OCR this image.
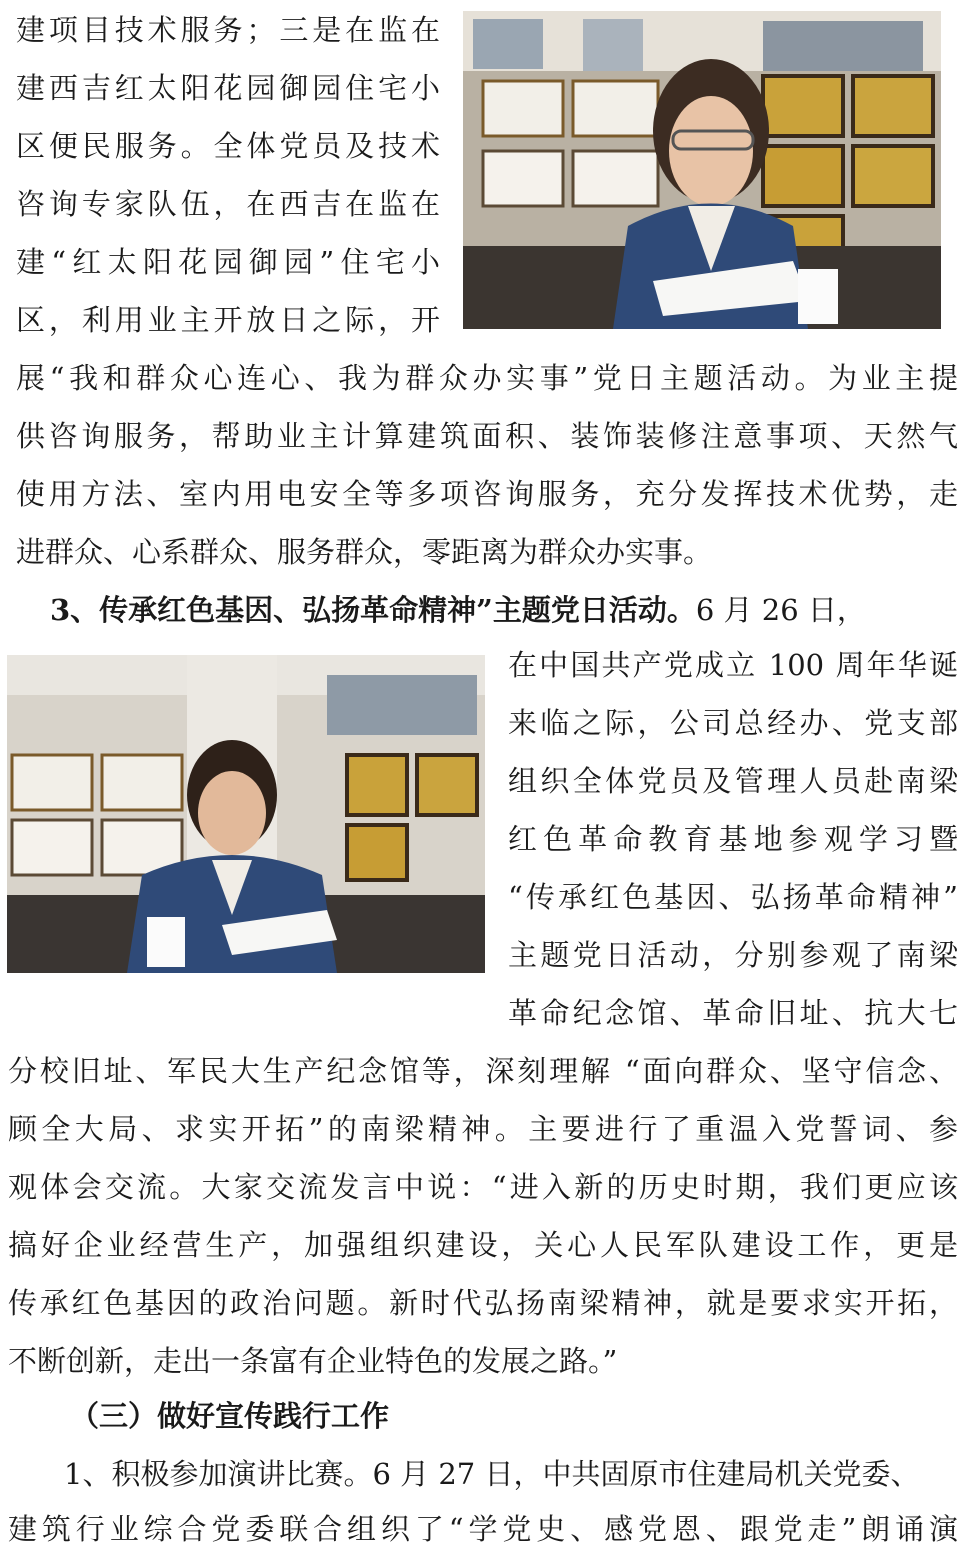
建项目技术服务；三是在监在
建西吉红太阳花园御园住宅小
区便民服务。全体党员及技术
咨询专家队伍，在西吉在监在
建“红太阳花园御园”住宅小
区，利用业主开放日之际，开
展“我和群众心连心、我为群众办实事”党日主题活动。为业主提
供咨询服务，帮助业主计算建筑面积、装饰装修注意事项、天然气
使用方法、室内用电安全等多项咨询服务，充分发挥技术优势，走
进群众、心系群众、服务群众，零距离为群众办实事。
3、传承红色基因、弘扬革命精神”主题党日活动。6 月 26 日，
在中国共产党成立 100 周年华诞
来临之际，公司总经办、党支部
组织全体党员及管理人员赴南梁
红色革命教育基地参观学习暨
“传承红色基因、弘扬革命精神”
主题党日活动，分别参观了南梁
革命纪念馆、革命旧址、抗大七
分校旧址、军民大生产纪念馆等，深刻理解 “面向群众、坚守信念、
顾全大局、求实开拓”的南梁精神。主要进行了重温入党誓词、参
观体会交流。大家交流发言中说：“进入新的历史时期，我们更应该
搞好企业经营生产，加强组织建设，关心人民军队建设工作，更是
传承红色基因的政治问题。新时代弘扬南梁精神，就是要求实开拓，
不断创新，走出一条富有企业特色的发展之路。”
（三）做好宣传践行工作
1、积极参加演讲比赛。6 月 27 日，中共固原市住建局机关党委、
建筑行业综合党委联合组织了“学党史、感党恩、跟党走”朗诵演
